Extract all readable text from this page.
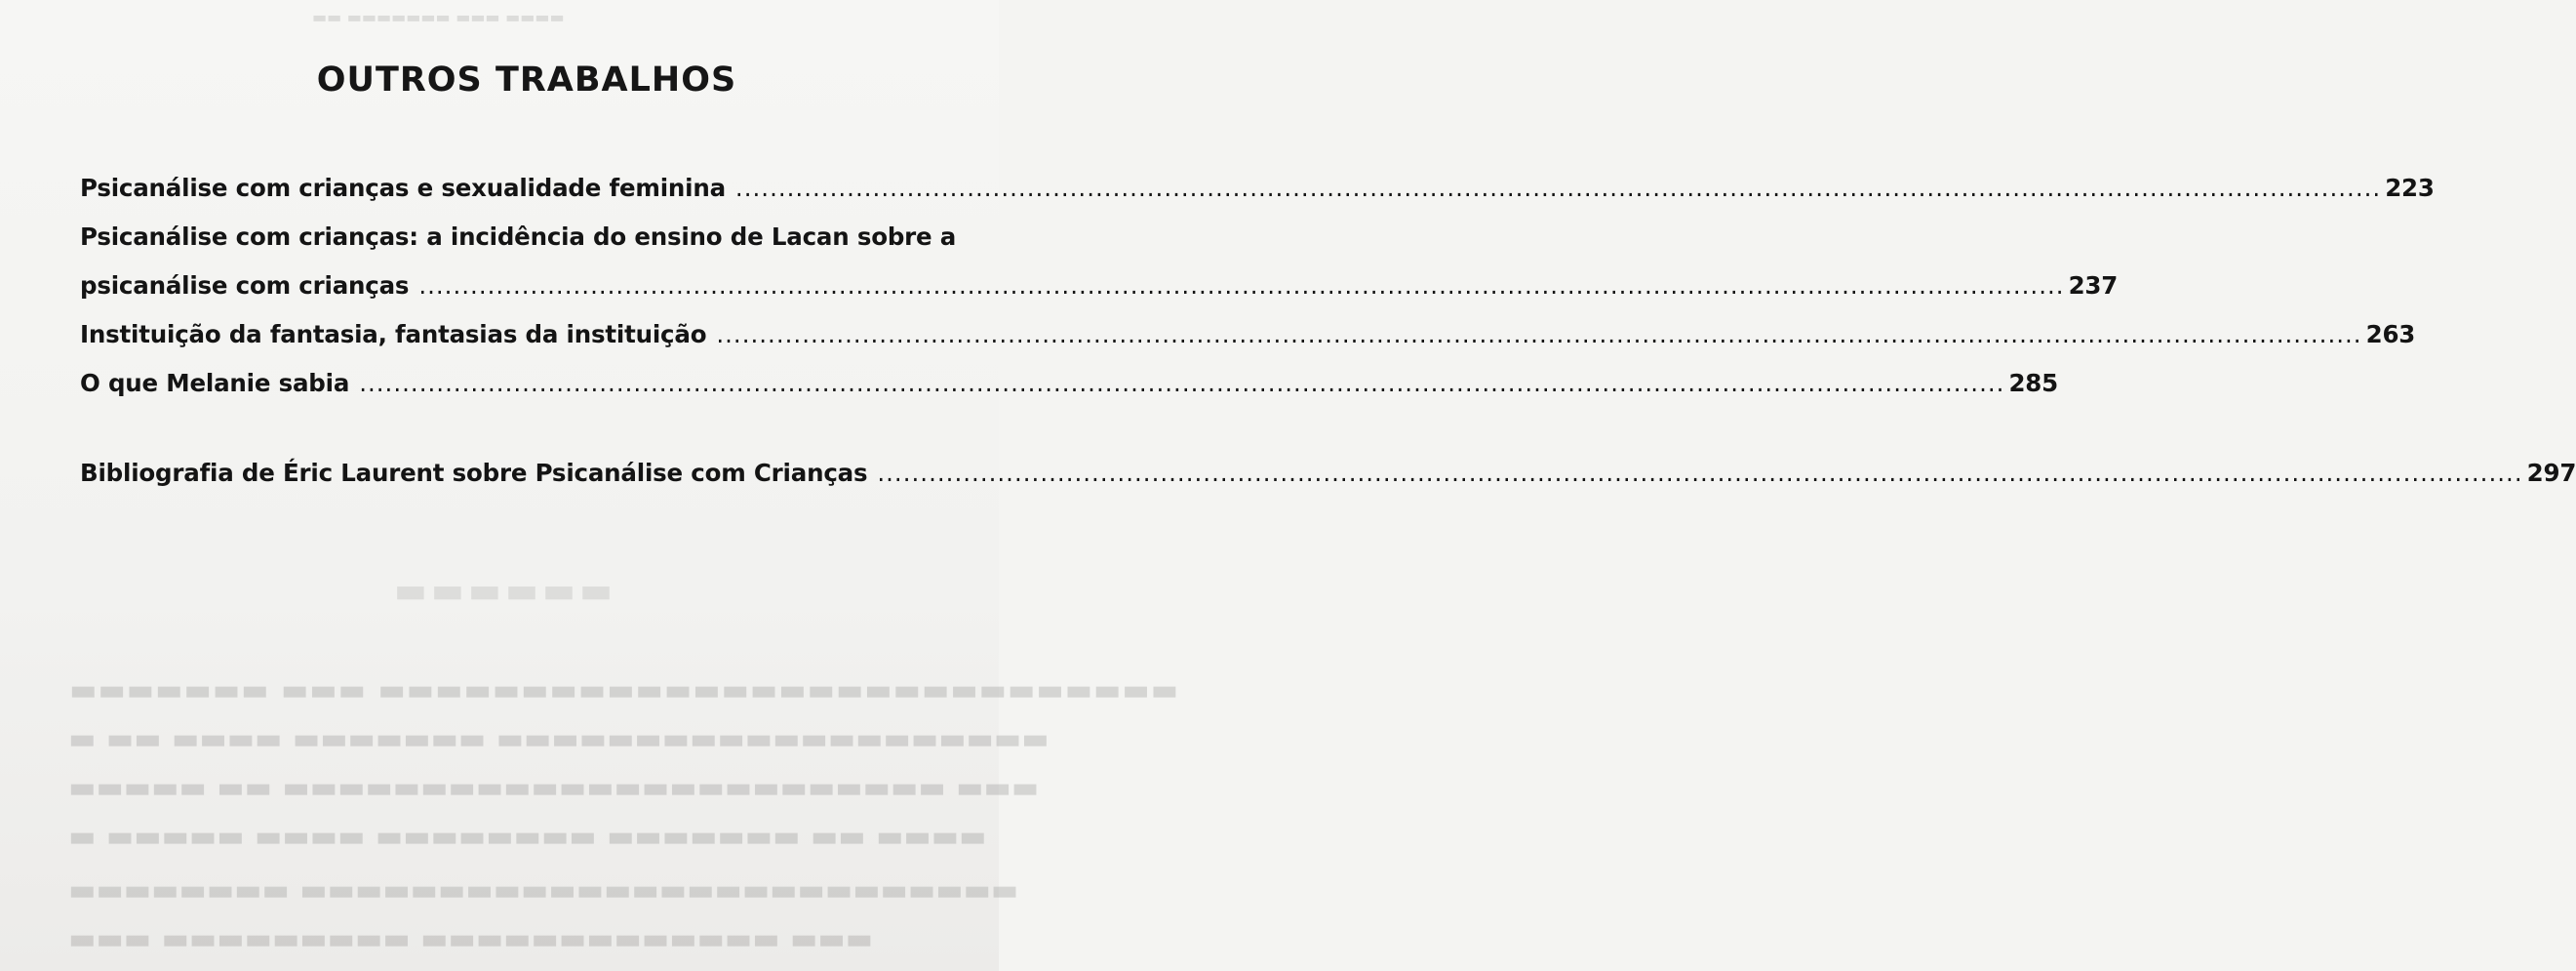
▬▬▬▬ ▬▬▬ ▬▬▬▬▬▬▬ ▬▬
▬▬▬▬▬▬
▬▬▬▬▬▬▬▬▬▬▬▬▬▬▬▬▬▬▬▬▬▬▬▬▬▬▬▬ ▬▬▬ ▬▬▬▬▬▬▬
▬▬▬▬▬▬▬▬▬▬▬▬▬▬▬▬▬▬▬▬ ▬▬▬▬▬▬▬ ▬▬▬▬ ▬▬ ▬
▬▬▬ ▬▬▬▬▬▬▬▬▬▬▬▬▬▬▬▬▬▬▬▬▬▬▬▬ ▬▬ ▬▬▬▬▬
▬▬▬▬ ▬▬ ▬▬▬▬▬▬▬ ▬▬▬▬▬▬▬▬ ▬▬▬▬ ▬▬▬▬▬ ▬
▬▬▬▬▬▬▬▬▬▬▬▬▬▬▬▬▬▬▬▬▬▬▬▬▬▬ ▬▬▬▬▬▬▬▬
▬▬▬ ▬▬▬▬▬▬▬▬▬▬▬▬▬ ▬▬▬▬▬▬▬▬▬ ▬▬▬
OUTROS TRABALHOS
Psicanálise com crianças e sexualidade feminina .....	223
Psicanálise com crianças: a incidência do ensino de Lacan sobre a
psicanálise com crianças .....	237
Instituição da fantasia, fantasias da instituição .....	263
O que Melanie sabia .....	285
Bibliografia de Éric Laurent sobre Psicanálise com Crianças .....	297
